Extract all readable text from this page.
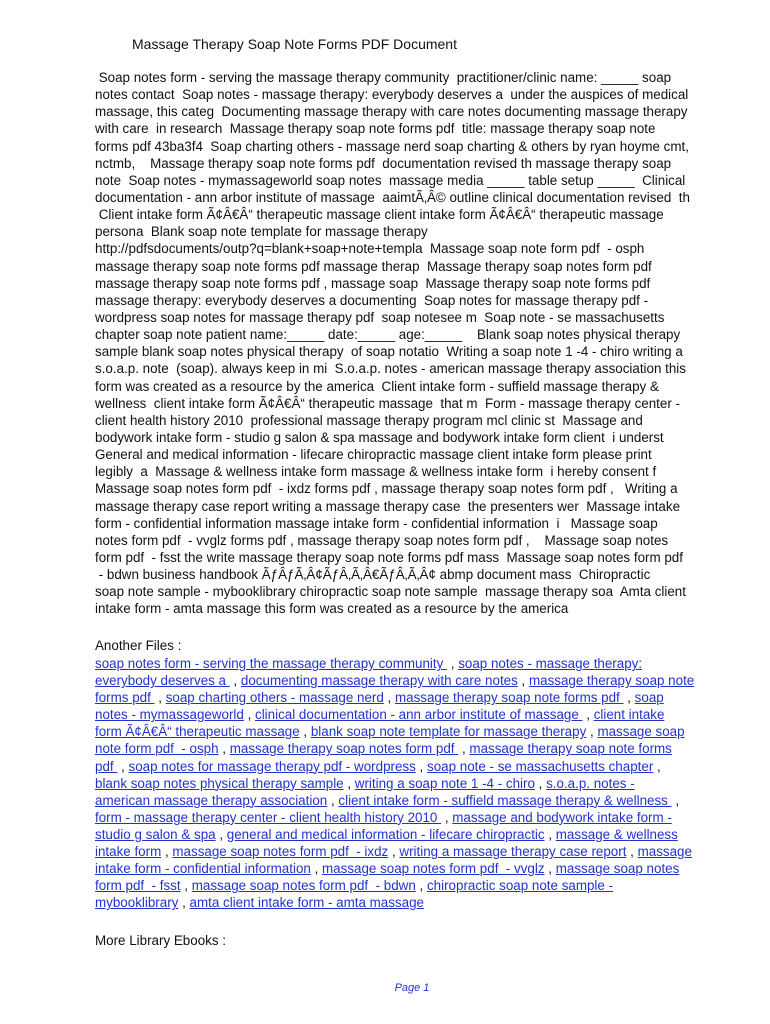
Massage Therapy Soap Note Forms PDF Document
Soap notes form - serving the massage therapy community  practitioner/clinic name: _____ soap
notes contact  Soap notes - massage therapy: everybody deserves a  under the auspices of medical
massage, this categ  Documenting massage therapy with care notes documenting massage therapy
with care  in research  Massage therapy soap note forms pdf  title: massage therapy soap note
forms pdf 43ba3f4  Soap charting others - massage nerd soap charting & others by ryan hoyme cmt,
nctmb,    Massage therapy soap note forms pdf  documentation revised th massage therapy soap
note  Soap notes - mymassageworld soap notes  massage media _____ table setup _____  Clinical
documentation - ann arbor institute of massage  aaimtÃ‚Â© outline clinical documentation revised  th
Client intake form Ã¢Â€Â“ therapeutic massage client intake form Ã¢Â€Â“ therapeutic massage
persona  Blank soap note template for massage therapy
http://pdfsdocuments/outp?q=blank+soap+note+templa  Massage soap note form pdf  - osph
massage therapy soap note forms pdf massage therap  Massage therapy soap notes form pdf
massage therapy soap note forms pdf , massage soap  Massage therapy soap note forms pdf
massage therapy: everybody deserves a documenting  Soap notes for massage therapy pdf -
wordpress soap notes for massage therapy pdf  soap notesee m  Soap note - se massachusetts
chapter soap note patient name:_____ date:_____ age:_____    Blank soap notes physical therapy
sample blank soap notes physical therapy  of soap notatio  Writing a soap note 1 -4 - chiro writing a
s.o.a.p. note  (soap). always keep in mi  S.o.a.p. notes - american massage therapy association this
form was created as a resource by the america  Client intake form - suffield massage therapy &
wellness  client intake form Ã¢Â€Â“ therapeutic massage  that m  Form - massage therapy center -
client health history 2010  professional massage therapy program mcl clinic st  Massage and
bodywork intake form - studio g salon & spa massage and bodywork intake form client  i underst
General and medical information - lifecare chiropractic massage client intake form please print
legibly  a  Massage & wellness intake form massage & wellness intake form  i hereby consent f
Massage soap notes form pdf  - ixdz forms pdf , massage therapy soap notes form pdf ,   Writing a
massage therapy case report writing a massage therapy case  the presenters wer  Massage intake
form - confidential information massage intake form - confidential information  i   Massage soap
notes form pdf  - vvglz forms pdf , massage therapy soap notes form pdf ,    Massage soap notes
form pdf  - fsst the write massage therapy soap note forms pdf mass  Massage soap notes form pdf
- bdwn business handbook ÃƒÂƒÃ‚Â¢ÃƒÂ‚Ã‚Â€ÃƒÂ‚Ã‚Â¢ abmp document mass  Chiropractic
soap note sample - mybooklibrary chiropractic soap note sample  massage therapy soa  Amta client
intake form - amta massage this form was created as a resource by the america
Another Files :
soap notes form - serving the massage therapy community  , soap notes - massage therapy:
everybody deserves a  , documenting massage therapy with care notes , massage therapy soap note
forms pdf  , soap charting others - massage nerd , massage therapy soap note forms pdf  , soap
notes - mymassageworld , clinical documentation - ann arbor institute of massage  , client intake
form Ã¢Â€Â“ therapeutic massage , blank soap note template for massage therapy , massage soap
note form pdf  - osph , massage therapy soap notes form pdf  , massage therapy soap note forms
pdf  , soap notes for massage therapy pdf - wordpress , soap note - se massachusetts chapter ,
blank soap notes physical therapy sample , writing a soap note 1 -4 - chiro , s.o.a.p. notes -
american massage therapy association , client intake form - suffield massage therapy & wellness  ,
form - massage therapy center - client health history 2010  , massage and bodywork intake form -
studio g salon & spa , general and medical information - lifecare chiropractic , massage & wellness
intake form , massage soap notes form pdf  - ixdz , writing a massage therapy case report , massage
intake form - confidential information , massage soap notes form pdf  - vvglz , massage soap notes
form pdf  - fsst , massage soap notes form pdf  - bdwn , chiropractic soap note sample -
mybooklibrary , amta client intake form - amta massage
More Library Ebooks :
Page 1
